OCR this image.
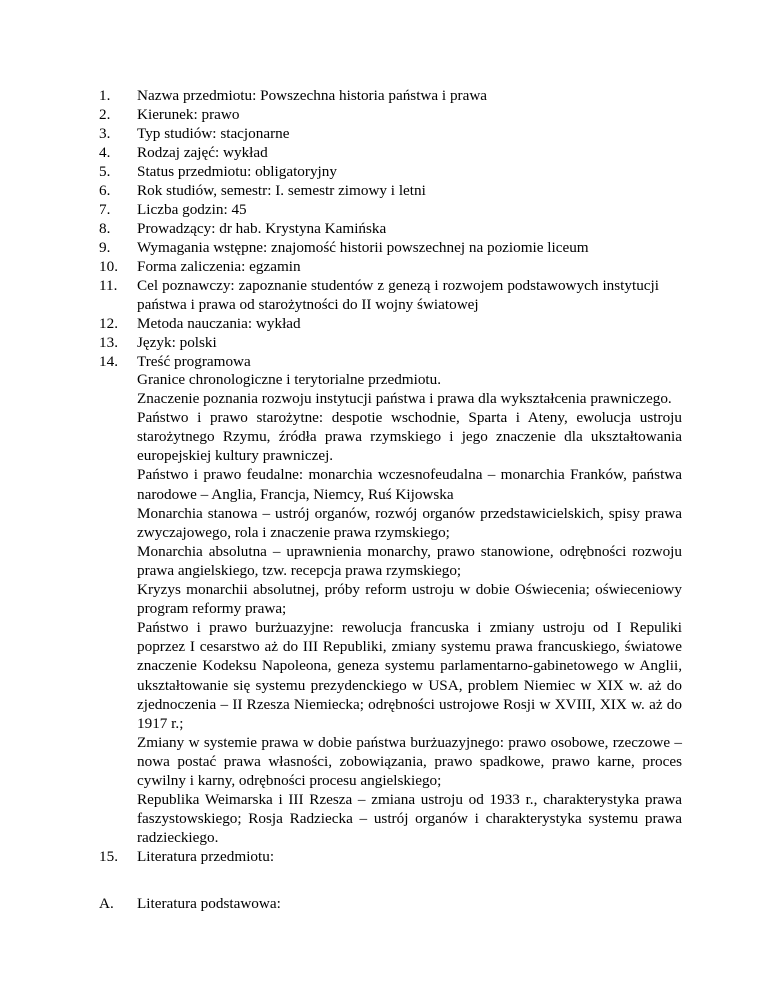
1. Nazwa przedmiotu: Powszechna historia państwa i prawa
2. Kierunek: prawo
3. Typ studiów: stacjonarne
4. Rodzaj zajęć: wykład
5. Status przedmiotu: obligatoryjny
6. Rok studiów, semestr: I. semestr zimowy i letni
7. Liczba godzin: 45
8. Prowadzący: dr hab. Krystyna Kamińska
9. Wymagania wstępne: znajomość historii powszechnej na poziomie liceum
10. Forma zaliczenia: egzamin
11. Cel poznawczy: zapoznanie studentów z genezą i rozwojem podstawowych instytucji państwa i prawa od starożytności do II wojny światowej
12. Metoda nauczania: wykład
13. Język: polski
14. Treść programowa

Granice chronologiczne i terytorialne przedmiotu.

Znaczenie poznania rozwoju instytucji państwa i prawa dla wykształcenia prawniczego.

Państwo i prawo starożytne: despotie wschodnie, Sparta i Ateny, ewolucja ustroju starożytnego Rzymu, źródła prawa rzymskiego i jego znaczenie dla ukształtowania europejskiej kultury prawniczej.

Państwo i prawo feudalne: monarchia wczesnofeudalna – monarchia Franków, państwa narodowe – Anglia, Francja, Niemcy, Ruś Kijowska

Monarchia stanowa – ustrój organów, rozwój organów przedstawicielskich, spisy prawa zwyczajowego, rola i znaczenie prawa rzymskiego;

Monarchia absolutna – uprawnienia monarchy, prawo stanowione, odrębności rozwoju prawa angielskiego, tzw. recepcja prawa rzymskiego;

Kryzys monarchii absolutnej, próby reform ustroju w dobie Oświecenia; oświeceniowy program reformy prawa;

Państwo i prawo burżuazyjne: rewolucja francuska i zmiany ustroju od I Repuliki poprzez I cesarstwo aż do III Republiki, zmiany systemu prawa francuskiego, światowe znaczenie Kodeksu Napoleona, geneza systemu parlamentarno-gabinetowego w Anglii, ukształtowanie się systemu prezydenckiego w USA, problem Niemiec w XIX w. aż do zjednoczenia – II Rzesza Niemiecka; odrębności ustrojowe Rosji w XVIII, XIX w. aż do 1917 r.;

Zmiany w systemie prawa w dobie państwa burżuazyjnego: prawo osobowe, rzeczowe – nowa postać prawa własności, zobowiązania, prawo spadkowe, prawo karne, proces cywilny i karny, odrębności procesu angielskiego;

Republika Weimarska i III Rzesza – zmiana ustroju od 1933 r., charakterystyka prawa faszystowskiego; Rosja Radziecka – ustrój organów i charakterystyka systemu prawa radzieckiego.

15.	Literatura przedmiotu:
A.	Literatura podstawowa:
